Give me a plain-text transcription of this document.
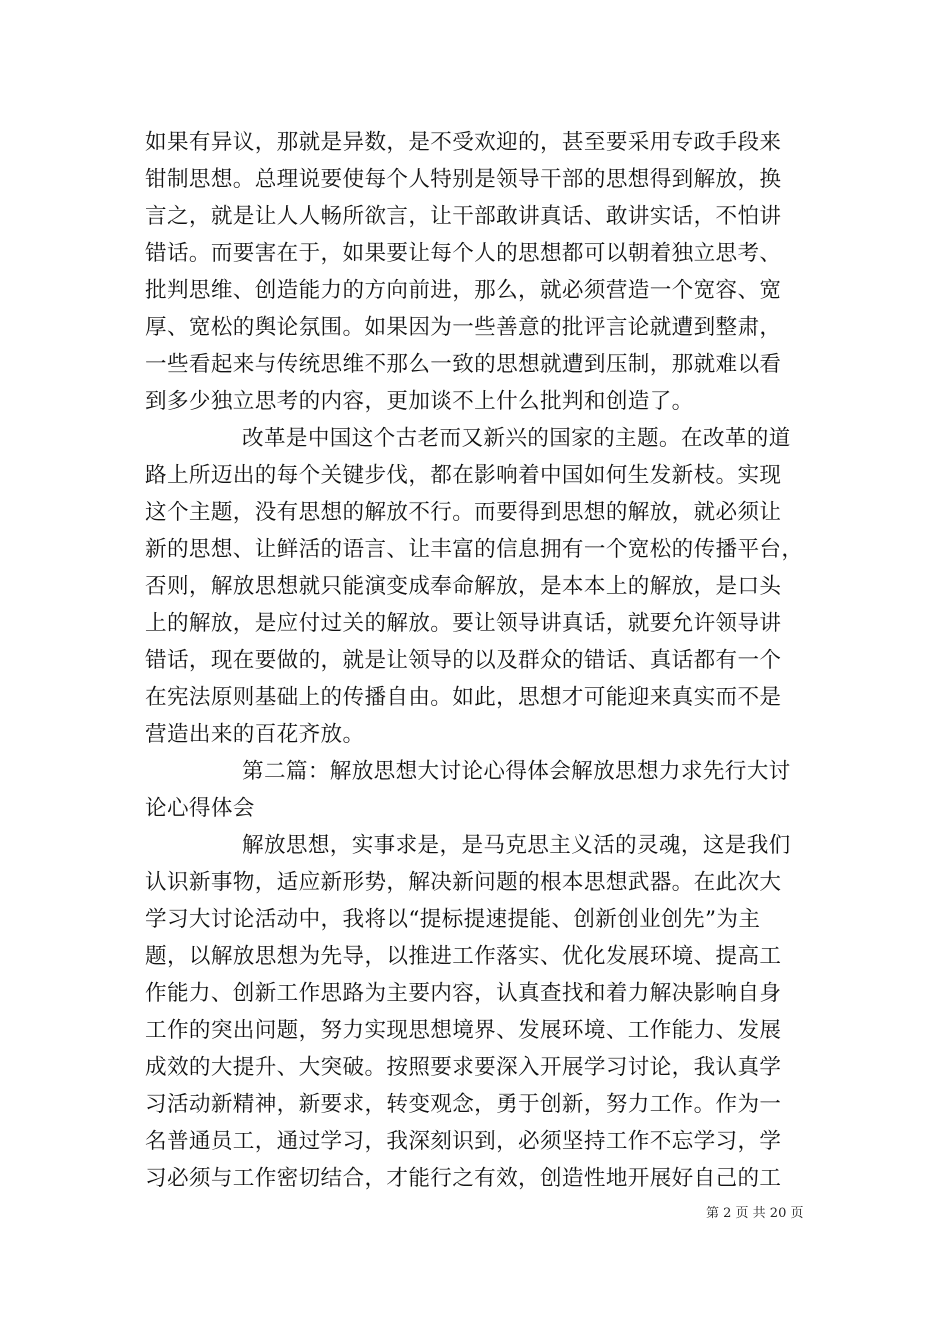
如果有异议，那就是异数，是不受欢迎的，甚至要采用专政手段来
钳制思想。总理说要使每个人特别是领导干部的思想得到解放，换
言之，就是让人人畅所欲言，让干部敢讲真话、敢讲实话，不怕讲
错话。而要害在于，如果要让每个人的思想都可以朝着独立思考、
批判思维、创造能力的方向前进，那么，就必须营造一个宽容、宽
厚、宽松的舆论氛围。如果因为一些善意的批评言论就遭到整肃，
一些看起来与传统思维不那么一致的思想就遭到压制，那就难以看
到多少独立思考的内容，更加谈不上什么批判和创造了。
改革是中国这个古老而又新兴的国家的主题。在改革的道
路上所迈出的每个关键步伐，都在影响着中国如何生发新枝。实现
这个主题，没有思想的解放不行。而要得到思想的解放，就必须让
新的思想、让鲜活的语言、让丰富的信息拥有一个宽松的传播平台，
否则，解放思想就只能演变成奉命解放，是本本上的解放，是口头
上的解放，是应付过关的解放。要让领导讲真话，就要允许领导讲
错话，现在要做的，就是让领导的以及群众的错话、真话都有一个
在宪法原则基础上的传播自由。如此，思想才可能迎来真实而不是
营造出来的百花齐放。
第二篇：解放思想大讨论心得体会解放思想力求先行大讨
论心得体会
解放思想，实事求是，是马克思主义活的灵魂，这是我们
认识新事物，适应新形势，解决新问题的根本思想武器。在此次大
学习大讨论活动中，我将以“提标提速提能、创新创业创先”为主
题，以解放思想为先导，以推进工作落实、优化发展环境、提高工
作能力、创新工作思路为主要内容，认真查找和着力解决影响自身
工作的突出问题，努力实现思想境界、发展环境、工作能力、发展
成效的大提升、大突破。按照要求要深入开展学习讨论，我认真学
习活动新精神，新要求，转变观念，勇于创新，努力工作。作为一
名普通员工，通过学习，我深刻识到，必须坚持工作不忘学习，学
习必须与工作密切结合，才能行之有效，创造性地开展好自己的工
第 2 页 共 20 页
